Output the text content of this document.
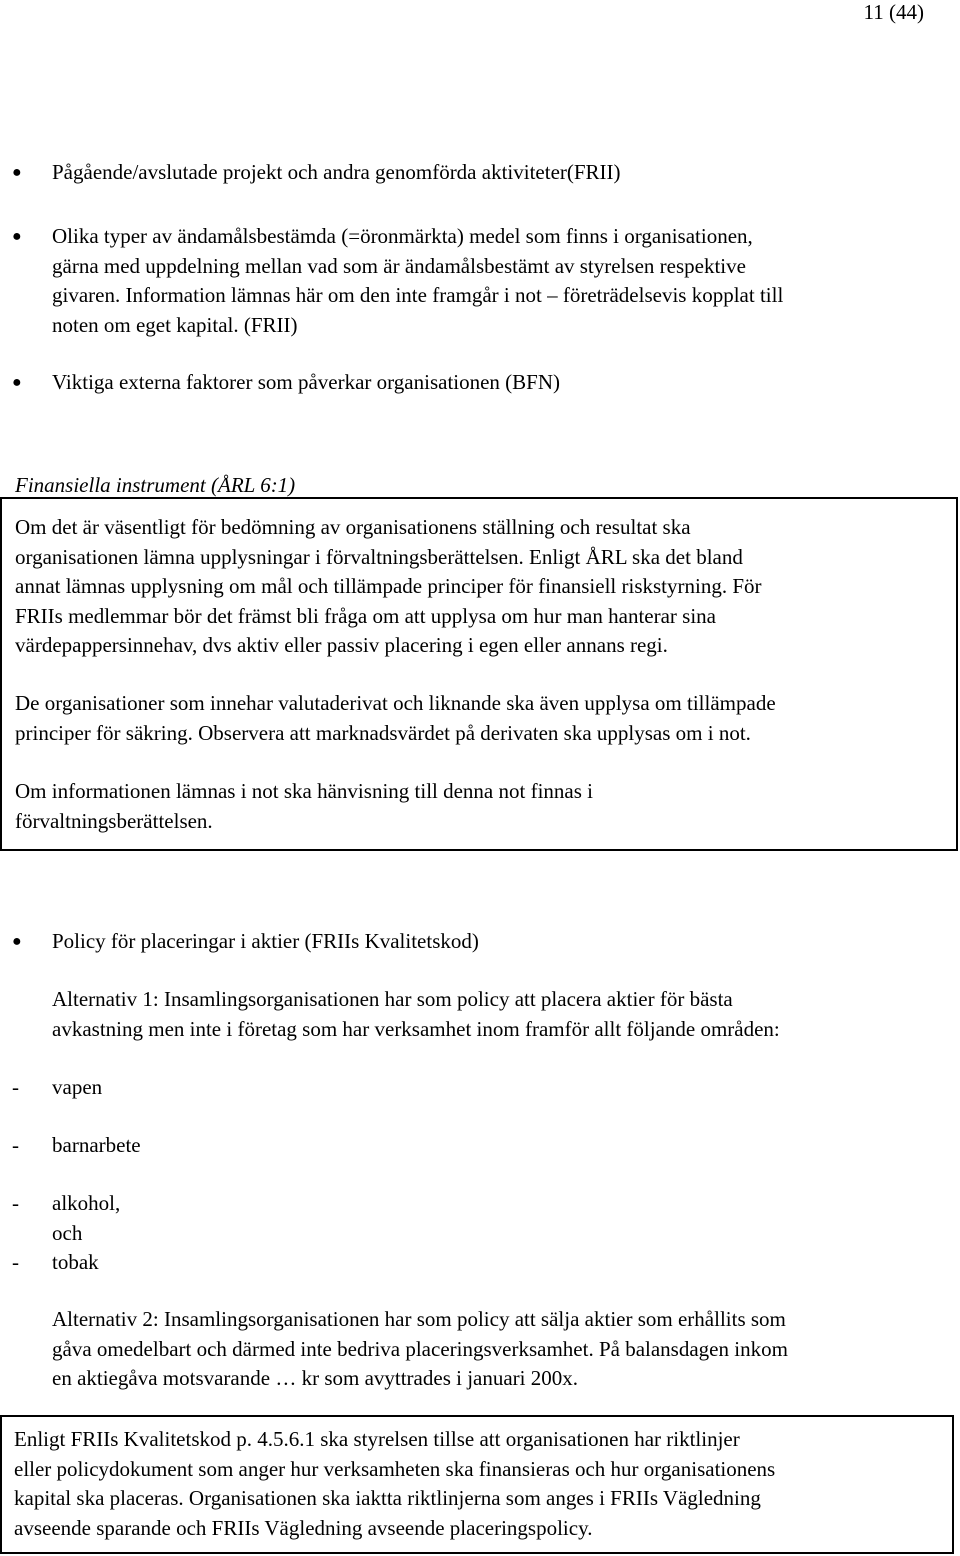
11 (44)
● Pågående/avslutade projekt och andra genomförda aktiviteter(FRII)
● Olika typer av ändamålsbestämda (=öronmärkta) medel som finns i organisationen,
gärna med uppdelning mellan vad som är ändamålsbestämt av styrelsen respektive
givaren. Information lämnas här om den inte framgår i not – företrädelsevis kopplat till
noten om eget kapital. (FRII)
● Viktiga externa faktorer som påverkar organisationen (BFN)
Finansiella instrument (ÅRL 6:1)
Om det är väsentligt för bedömning av organisationens ställning och resultat ska
organisationen lämna upplysningar i förvaltningsberättelsen. Enligt ÅRL ska det bland
annat lämnas upplysning om mål och tillämpade principer för finansiell riskstyrning. För
FRIIs medlemmar bör det främst bli fråga om att upplysa om hur man hanterar sina
värdepappersinnehav, dvs aktiv eller passiv placering i egen eller annans regi.
De organisationer som innehar valutaderivat och liknande ska även upplysa om tillämpade
principer för säkring. Observera att marknadsvärdet på derivaten ska upplysas om i not.
Om informationen lämnas i not ska hänvisning till denna not finnas i
förvaltningsberättelsen.
● Policy för placeringar i aktier (FRIIs Kvalitetskod)
Alternativ 1: Insamlingsorganisationen har som policy att placera aktier för bästa
avkastning men inte i företag som har verksamhet inom framför allt följande områden:
- vapen
- barnarbete
- alkohol, och
- tobak
Alternativ 2: Insamlingsorganisationen har som policy att sälja aktier som erhållits som
gåva omedelbart och därmed inte bedriva placeringsverksamhet. På balansdagen inkom
en aktiegåva motsvarande … kr som avyttrades i januari 200x.
Enligt FRIIs Kvalitetskod p. 4.5.6.1 ska styrelsen tillse att organisationen har riktlinjer
eller policydokument som anger hur verksamheten ska finansieras och hur organisationens
kapital ska placeras. Organisationen ska iaktta riktlinjerna som anges i FRIIs Vägledning
avseende sparande och FRIIs Vägledning avseende placeringspolicy.
